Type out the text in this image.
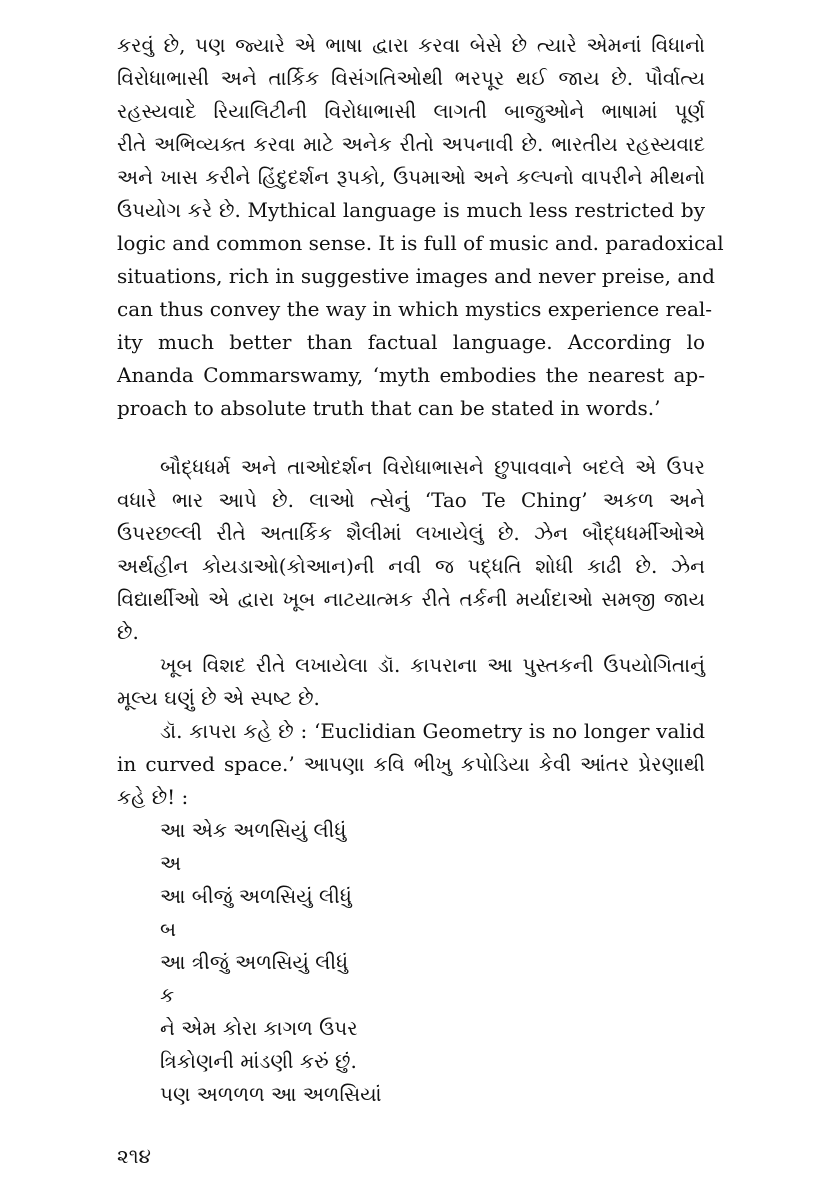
કરવું છે, પણ જ્યારે એ ભાષા દ્વારા કરવા બેસે છે ત્યારે એમનાં વિધાનો
વિરોધાભાસી અને તાર્કિક વિસંગતિઓથી ભરપૂર થઈ જાય છે. પૌર્વાત્ય
રહસ્યવાદે રિયાલિટીની વિરોધાભાસી લાગતી બાજુઓને ભાષામાં પૂર્ણ
રીતે અભિવ્યક્ત કરવા માટે અનેક રીતો અપનાવી છે. ભારતીય રહસ્યવાદ
અને ખાસ કરીને હિંદુદર્શન રૂપકો, ઉપમાઓ અને કલ્પનો વાપરીને મીથનો
ઉપયોગ કરે છે. Mythical language is much less restricted by
logic and common sense. It is full of music and. paradoxical
situations, rich in suggestive images and never preise, and
can thus convey the way in which mystics experience real-
ity much better than factual language. According lo
Ananda Commarswamy, ‘myth embodies the nearest ap-
proach to absolute truth that can be stated in words.’
બૌદ્ધધર્મ અને તાઓદર્શન વિરોધાભાસને છુપાવવાને બદલે એ ઉપર
વધારે ભાર આપે છે. લાઓ ત્સેનું ‘Tao Te Ching’ અકળ અને
ઉપરછલ્લી રીતે અતાર્કિક શૈલીમાં લખાયેલું છે. ઝેન બૌદ્ધધર્મીઓએ
અર્થહીન કોયડાઓ(કોઆન)ની નવી જ પદ્ધતિ શોધી કાઢી છે. ઝેન
વિદ્યાર્થીઓ એ દ્વારા ખૂબ નાટયાત્મક રીતે તર્કની મર્યાદાઓ સમજી જાય
છે.
ખૂબ વિશદ રીતે લખાયેલા ડૉ. કાપરાના આ પુસ્તકની ઉપયોગિતાનું
મૂલ્ય ઘણું છે એ સ્પષ્ટ છે.
ડૉ. કાપરા કહે છે : ‘Euclidian Geometry is no longer valid
in curved space.’ આપણા કવિ ભીખુ કપોડિયા કેવી આંતર પ્રેરણાથી
કહે છે! :
આ એક અળસિયું લીધું
અ
આ બીજું અળસિયું લીધું
બ
આ ત્રીજું અળસિયું લીધું
ક
ને એમ કોરા કાગળ ઉપર
ત્રિકોણની માંડણી કરું છું.
પણ અળળળ આ અળસિયાં
૨૧૪
